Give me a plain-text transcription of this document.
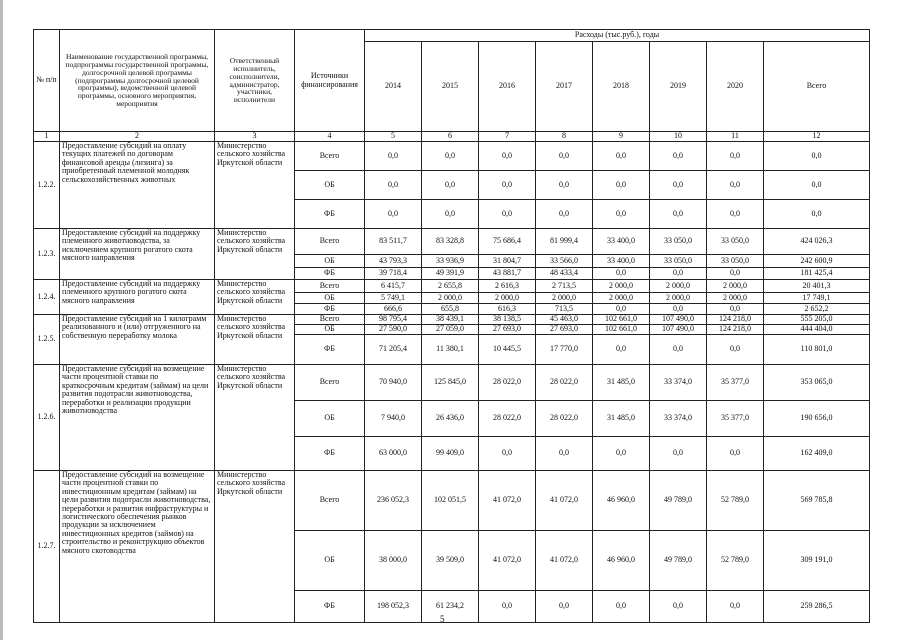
№ п/п	Наименование государственной программы, подпрограммы государственной программы, долгосрочной целевой программы (подпрограммы долгосрочной целевой программы), ведомственной целевой программы, основного мероприятия, мероприятия	Ответственный исполнитель, соисполнители, администратор, участники, исполнители	Источники финансирования	Расходы (тыс.руб.), годы							
				2014	2015	2016	2017	2018	2019	2020	Всего
1	2	3	4	5	6	7	8	9	10	11	12
1.2.2.	Предоставление субсидий на оплату текущих платежей по договорам финансовой аренды (лизинга) за приобретенный племенной молодняк сельскохозяйственных животных	Министерство сельского хозяйства Иркутской области	Всего	0,0	0,0	0,0	0,0	0,0	0,0	0,0	0,0
			ОБ	0,0	0,0	0,0	0,0	0,0	0,0	0,0	0,0
			ФБ	0,0	0,0	0,0	0,0	0,0	0,0	0,0	0,0
1.2.3.	Предоставление субсидий на поддержку племенного животноводства, за исключением крупного рогатого скота мясного направления	Министерство сельского хозяйства Иркутской области	Всего	83 511,7	83 328,8	75 686,4	81 999,4	33 400,0	33 050,0	33 050,0	424 026,3
			ОБ	43 793,3	33 936,9	31 804,7	33 566,0	33 400,0	33 050,0	33 050,0	242 600,9
			ФБ	39 718,4	49 391,9	43 881,7	48 433,4	0,0	0,0	0,0	181 425,4
1.2.4.	Предоставление субсидий на поддержку племенного крупного рогатого скота мясного направления	Министерство сельского хозяйства Иркутской области	Всего	6 415,7	2 655,8	2 616,3	2 713,5	2 000,0	2 000,0	2 000,0	20 401,3
			ОБ	5 749,1	2 000,0	2 000,0	2 000,0	2 000,0	2 000,0	2 000,0	17 749,1
			ФБ	666,6	655,8	616,3	713,5	0,0	0,0	0,0	2 652,2
1.2.5.	Предоставление субсидий на 1 килограмм реализованного и (или) отгруженного на собственную переработку молока	Министерство сельского хозяйства Иркутской области	Всего	98 795,4	38 439,1	38 138,5	45 463,0	102 661,0	107 490,0	124 218,0	555 205,0
			ОБ	27 590,0	27 059,0	27 693,0	27 693,0	102 661,0	107 490,0	124 218,0	444 404,0
			ФБ	71 205,4	11 380,1	10 445,5	17 770,0	0,0	0,0	0,0	110 801,0
1.2.6.	Предоставление субсидий на возмещение части процентной ставки по краткосрочным кредитам (займам) на цели развития подотрасли животноводства, переработки и реализации продукции животноводства	Министерство сельского хозяйства Иркутской области	Всего	70 940,0	125 845,0	28 022,0	28 022,0	31 485,0	33 374,0	35 377,0	353 065,0
			ОБ	7 940,0	26 436,0	28 022,0	28 022,0	31 485,0	33 374,0	35 377,0	190 656,0
			ФБ	63 000,0	99 409,0	0,0	0,0	0,0	0,0	0,0	162 409,0
1.2.7.	Предоставление субсидий на возмещение части процентной ставки по инвестиционным кредитам (займам) на цели развития подотрасли животноводства, переработки и развития инфраструктуры и логистического обеспечения рынков продукции за исключением инвестиционных кредитов (займов) на строительство и реконструкцию объектов мясного скотоводства	Министерство сельского хозяйства Иркутской области	Всего	236 052,3	102 051,5	41 072,0	41 072,0	46 960,0	49 789,0	52 789,0	569 785,8
			ОБ	38 000,0	39 509,0	41 072,0	41 072,0	46 960,0	49 789,0	52 789,0	309 191,0
			ФБ	198 052,3	61 234,2	0,0	0,0	0,0	0,0	0,0	259 286,5
5
